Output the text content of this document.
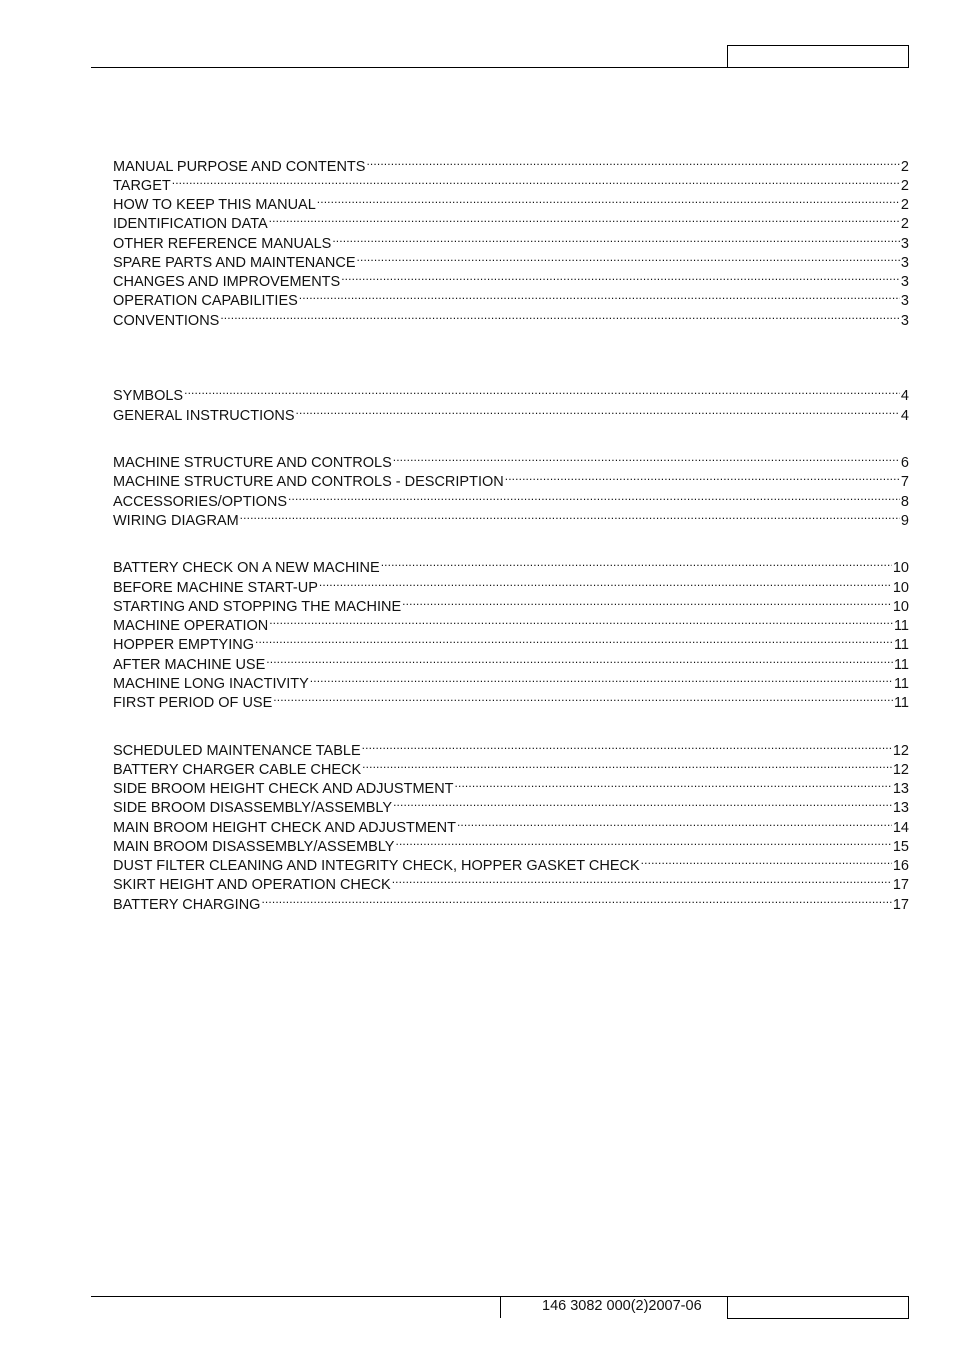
MANUAL PURPOSE AND CONTENTS . . .	2
TARGET . . .	2
HOW TO KEEP THIS MANUAL . . .	2
IDENTIFICATION DATA . . .	2
OTHER REFERENCE MANUALS . . .	3
SPARE PARTS AND MAINTENANCE . . .	3
CHANGES AND IMPROVEMENTS . . .	3
OPERATION CAPABILITIES . . .	3
CONVENTIONS . . .	3
SYMBOLS . . .	4
GENERAL INSTRUCTIONS . . .	4
MACHINE STRUCTURE AND CONTROLS . . .	6
MACHINE STRUCTURE AND CONTROLS - DESCRIPTION . . .	7
ACCESSORIES/OPTIONS . . .	8
WIRING DIAGRAM . . .	9
BATTERY CHECK ON A NEW MACHINE . . .	10
BEFORE MACHINE START-UP . . .	10
STARTING AND STOPPING THE MACHINE . . .	10
MACHINE OPERATION . . .	11
HOPPER EMPTYING . . .	11
AFTER MACHINE USE . . .	11
MACHINE LONG INACTIVITY . . .	11
FIRST PERIOD OF USE . . .	11
SCHEDULED MAINTENANCE TABLE . . .	12
BATTERY CHARGER CABLE CHECK . . .	12
SIDE BROOM HEIGHT CHECK AND ADJUSTMENT . . .	13
SIDE BROOM DISASSEMBLY/ASSEMBLY . . .	13
MAIN BROOM HEIGHT CHECK AND ADJUSTMENT . . .	14
MAIN BROOM DISASSEMBLY/ASSEMBLY . . .	15
DUST FILTER CLEANING AND INTEGRITY CHECK, HOPPER GASKET CHECK . . .	16
SKIRT HEIGHT AND OPERATION CHECK . . .	17
BATTERY CHARGING . . .	17
146 3082 000(2)2007-06
